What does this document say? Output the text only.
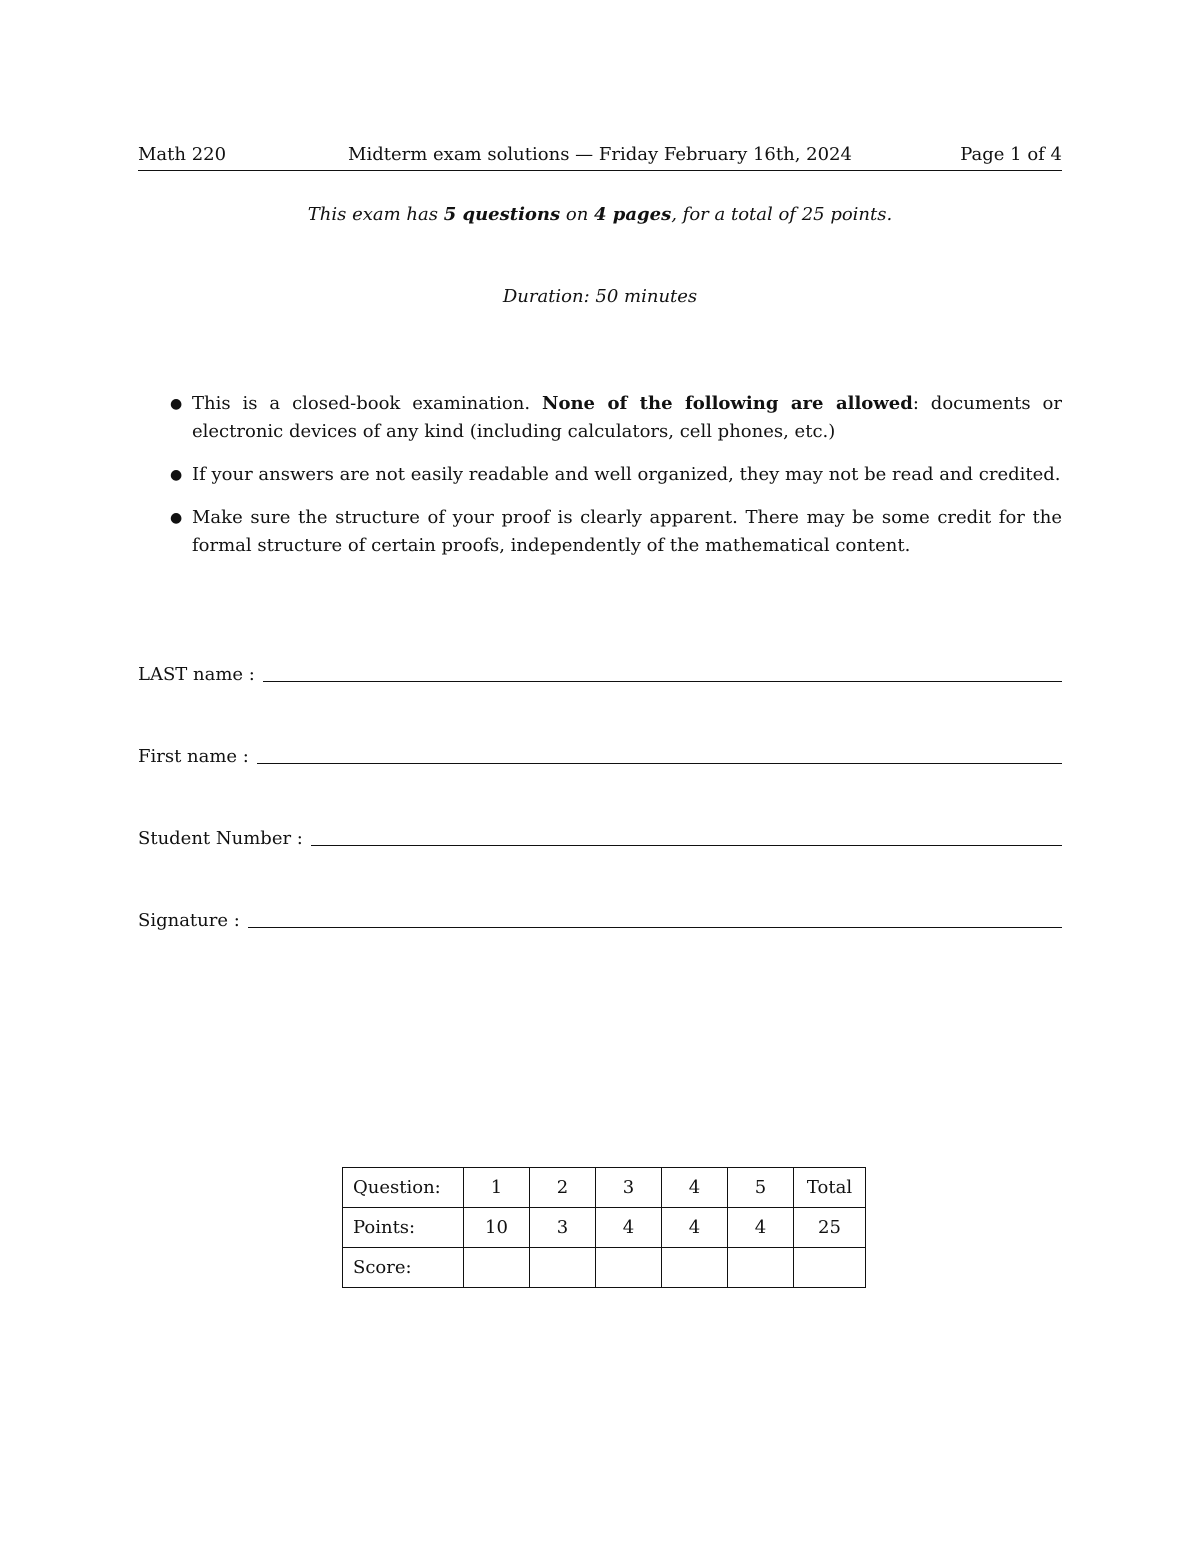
Math 220	Midterm exam solutions — Friday February 16th, 2024	Page 1 of 4
This exam has 5 questions on 4 pages, for a total of 25 points.
Duration: 50 minutes
● This is a closed-book examination. None of the following are allowed: documents or electronic devices of any kind (including calculators, cell phones, etc.)
● If your answers are not easily readable and well organized, they may not be read and credited.
● Make sure the structure of your proof is clearly apparent. There may be some credit for the formal structure of certain proofs, independently of the mathematical content.
LAST name :
First name :
Student Number :
Signature :
Question:	1	2	3	4	5	Total
Points:	10	3	4	4	4	25
Score:						
